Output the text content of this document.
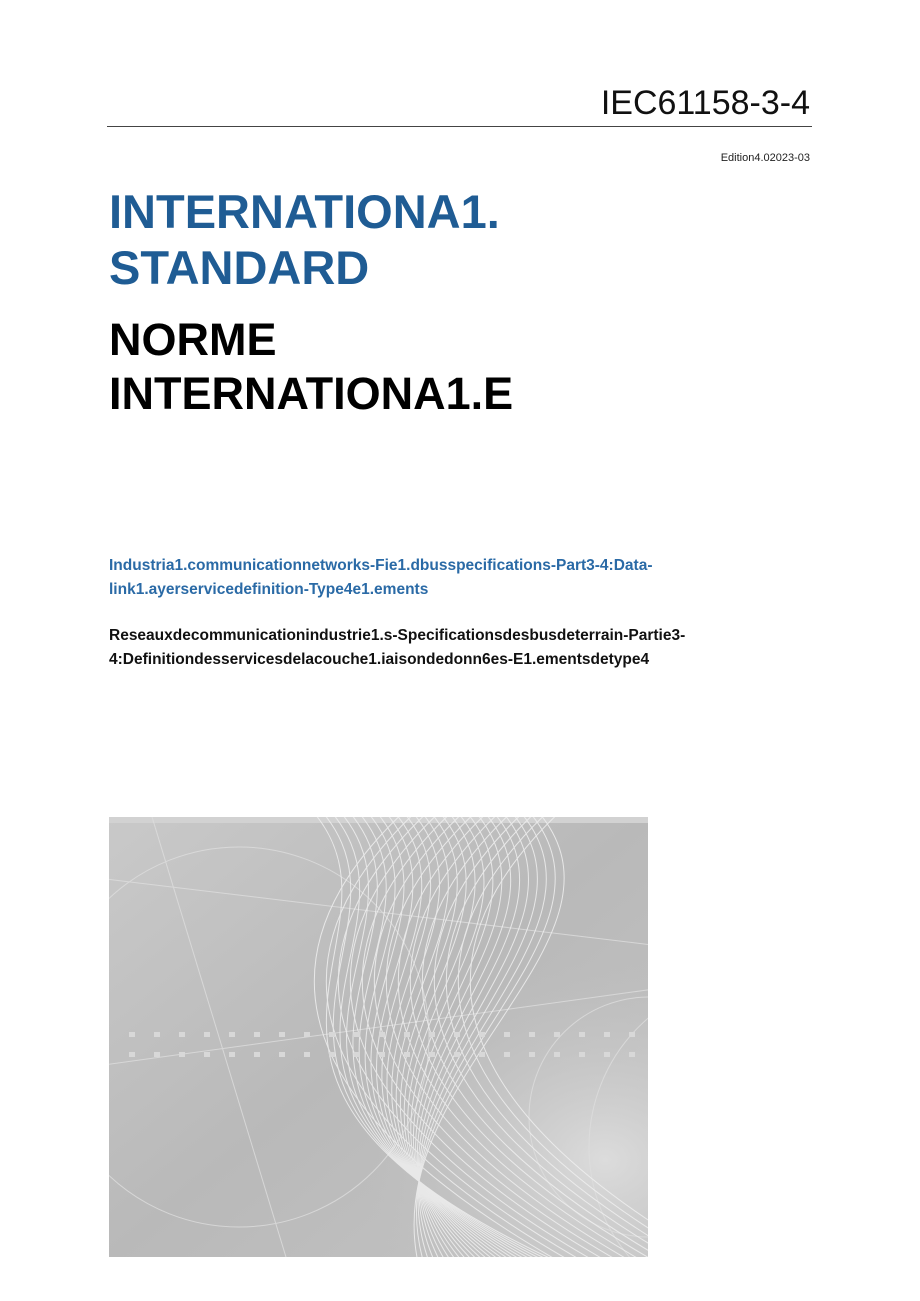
IEC61158-3-4
Edition4.02023-03
INTERNATIONA1.
STANDARD
NORME
INTERNATIONA1.E
Industria1.communicationnetworks-Fie1.dbusspecifications-Part3-4:Data-
link1.ayerservicedefinition-Type4e1.ements
Reseauxdecommunicationindustrie1.s-Specificationsdesbusdeterrain-Partie3-
4:Definitiondesservicesdelacouche1.iaisondedonn6es-E1.ementsdetype4
